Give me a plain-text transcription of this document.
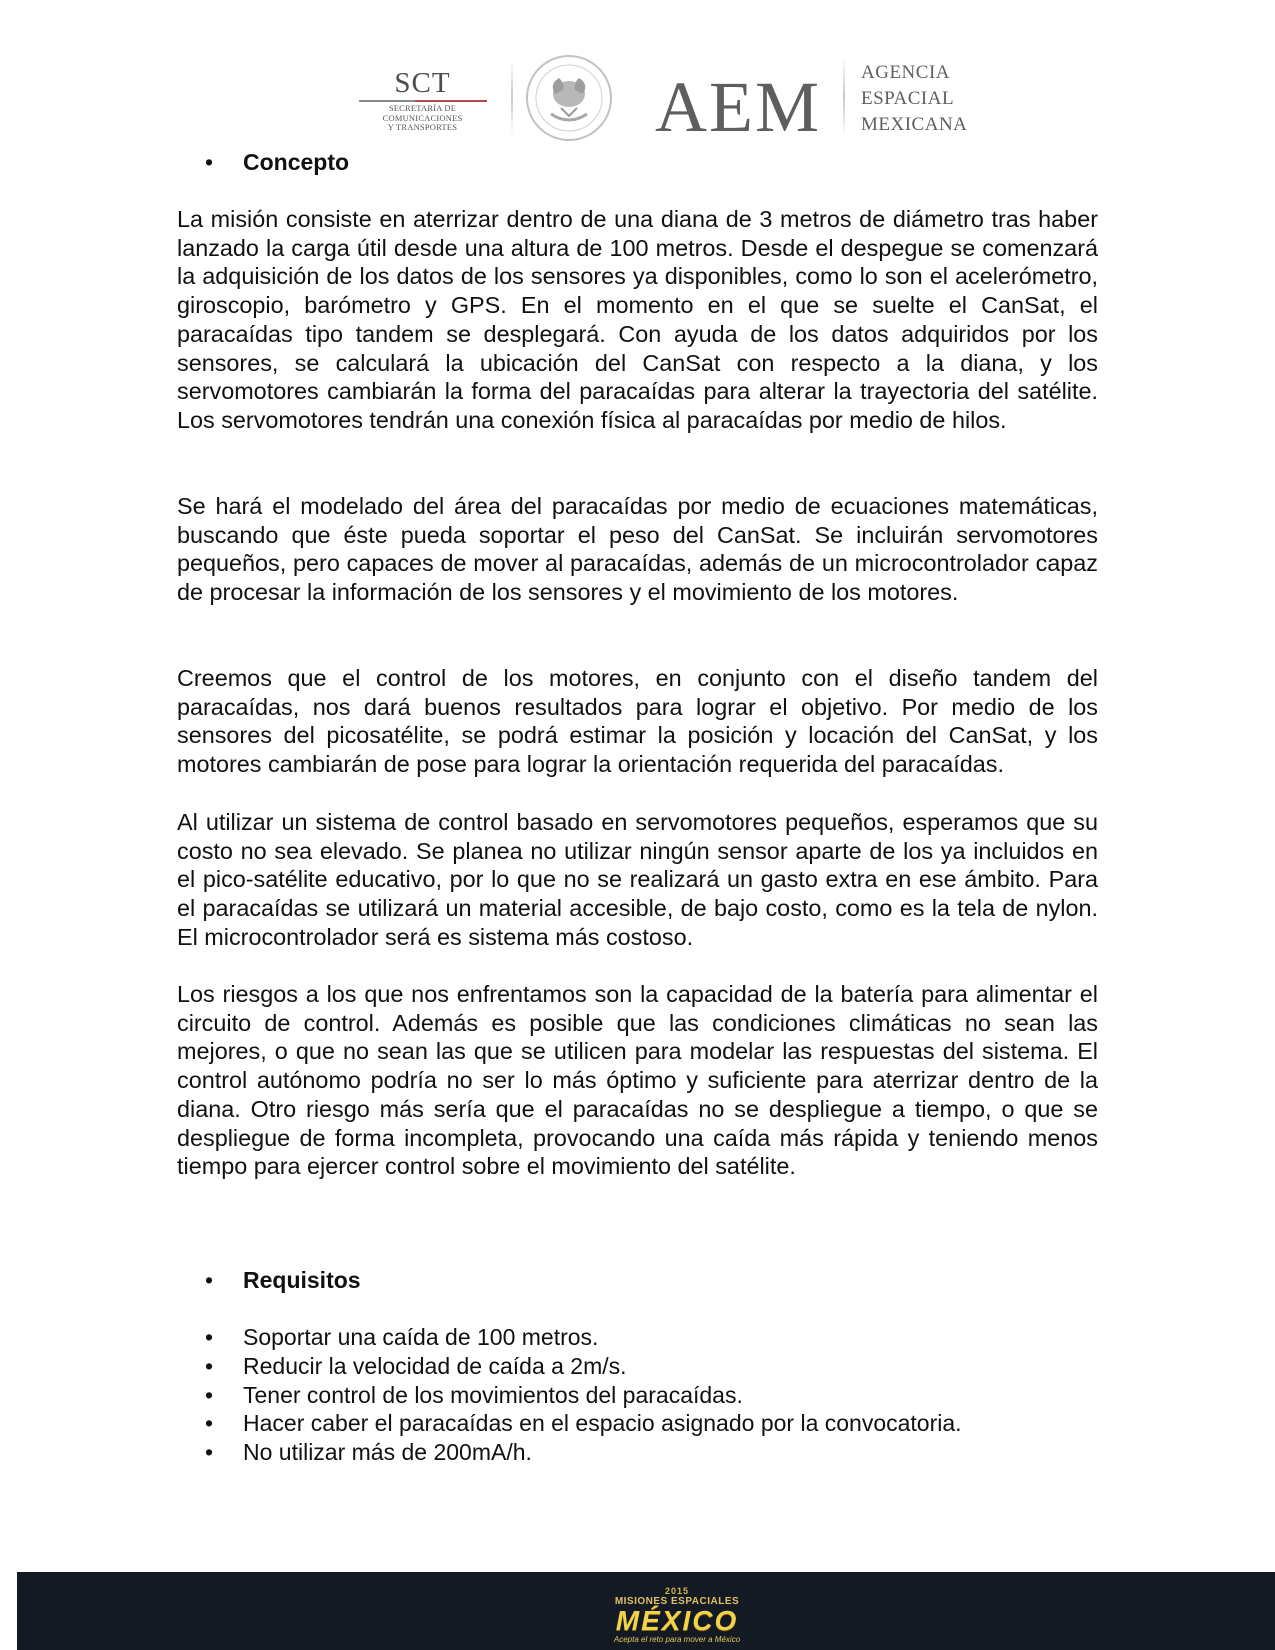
SCT
SECRETARÍA DE
COMUNICACIONES
Y TRANSPORTES	AEM AGENCIA
ESPACIAL
MEXICANA
• Concepto

La misión consiste en aterrizar dentro de una diana de 3 metros de diámetro tras haber lanzado la carga útil desde una altura de 100 metros. Desde el despegue se comenzará la adquisición de los datos de los sensores ya disponibles, como lo son el acelerómetro, giroscopio, barómetro y GPS. En el momento en el que se suelte el CanSat, el paracaídas tipo tandem se desplegará. Con ayuda de los datos adquiridos por los sensores, se calculará la ubicación del CanSat con respecto a la diana, y los servomotores cambiarán la forma del paracaídas para alterar la trayectoria del satélite. Los servomotores tendrán una conexión física al paracaídas por medio de hilos.

Se hará el modelado del área del paracaídas por medio de ecuaciones matemáticas, buscando que éste pueda soportar el peso del CanSat. Se incluirán servomotores pequeños, pero capaces de mover al paracaídas, además de un microcontrolador capaz de procesar la información de los sensores y el movimiento de los motores.

Creemos que el control de los motores, en conjunto con el diseño tandem del paracaídas, nos dará buenos resultados para lograr el objetivo. Por medio de los sensores del picosatélite, se podrá estimar la posición y locación del CanSat, y los motores cambiarán de pose para lograr la orientación requerida del paracaídas.

Al utilizar un sistema de control basado en servomotores pequeños, esperamos que su costo no sea elevado. Se planea no utilizar ningún sensor aparte de los ya incluidos en el pico-satélite educativo, por lo que no se realizará un gasto extra en ese ámbito. Para el paracaídas se utilizará un material accesible, de bajo costo, como es la tela de nylon. El microcontrolador será es sistema más costoso.

Los riesgos a los que nos enfrentamos son la capacidad de la batería para alimentar el circuito de control. Además es posible que las condiciones climáticas no sean las mejores, o que no sean las que se utilicen para modelar las respuestas del sistema. El control autónomo podría no ser lo más óptimo y suficiente para aterrizar dentro de la diana. Otro riesgo más sería que el paracaídas no se despliegue a tiempo, o que se despliegue de forma incompleta, provocando una caída más rápida y teniendo menos tiempo para ejercer control sobre el movimiento del satélite.

• Requisitos
• Soportar una caída de 100 metros.
• Reducir la velocidad de caída a 2m/s.
• Tener control de los movimientos del paracaídas.
• Hacer caber el paracaídas en el espacio asignado por la convocatoria.
• No utilizar más de 200mA/h.
2015
MISIONES ESPACIALES
MÉXICO
Acepta el reto para mover a México
